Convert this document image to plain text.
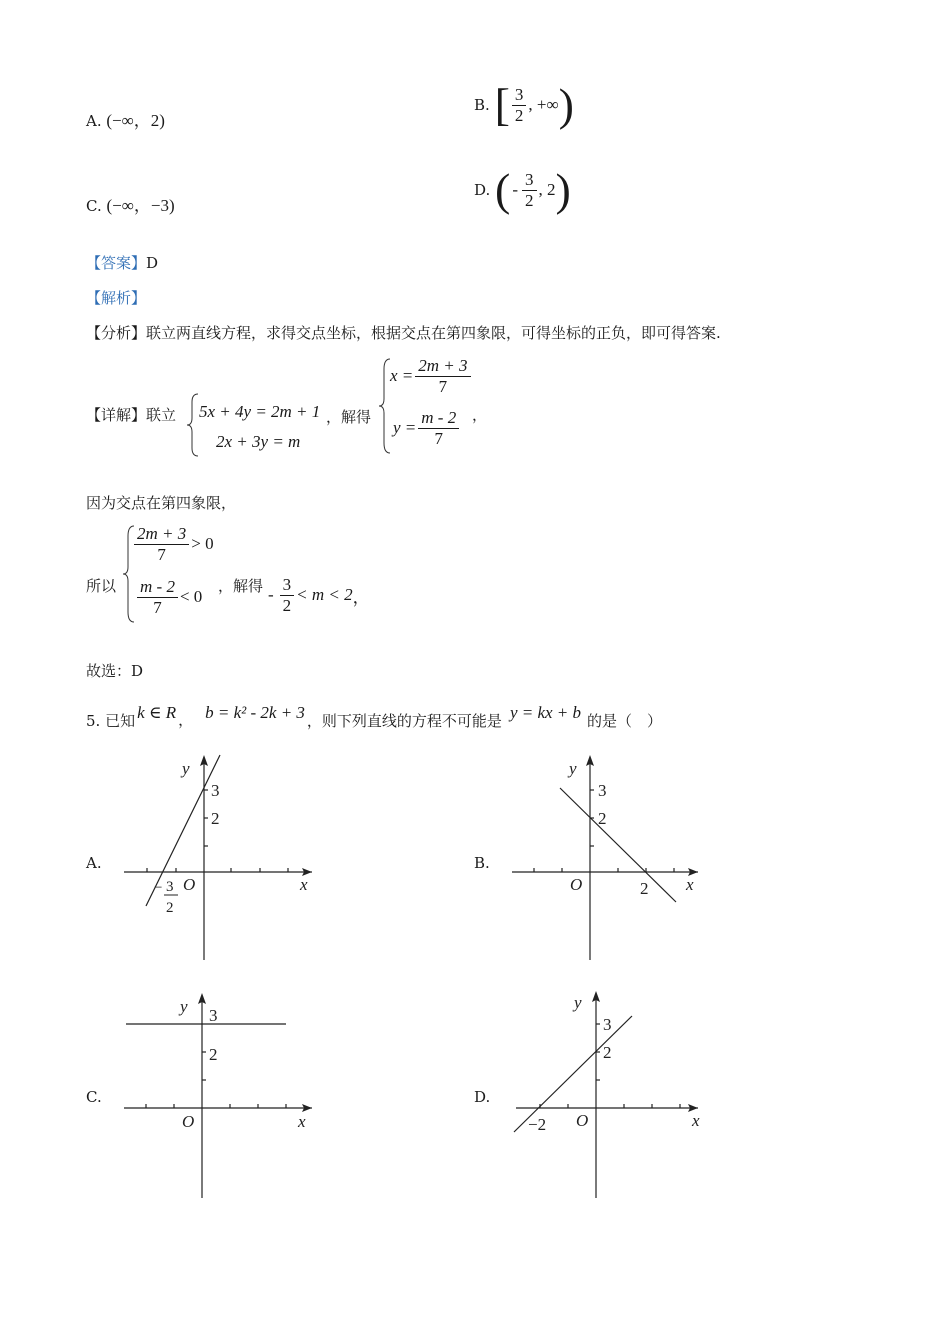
A. (−∞，2)
B. [ $\frac{3}{2}$ , +∞ )
C. (−∞，−3)
D. ( - $\frac{3}{2}$ , 2 )
【答案】D
【解析】
【分析】联立两直线方程，求得交点坐标，根据交点在第四象限，可得坐标的正负，即可得答案.
【详解】联立 5x + 4y = 2m + 1
2x + 3y = m
，解得
$x = \frac{2m + 3}{7}$
$y = \frac{m - 2}{7}$ ，
因为交点在第四象限，
所以
$\frac{2m + 3}{7} > 0$
$\frac{m - 2}{7} < 0$
，解得 - $\frac{3}{2} < m < 2$ ，
故选：D
5. 已知 k ∈ R ， b = k² - 2k + 3 ，则下列直线的方程不可能是 y = kx + b 的是（　）
A.
y
3
2
O	x
− 3
2
B.
y
3
2
O	x
2
C.
y 3
2
O	x
D.
y
3
2
O	x
−2
